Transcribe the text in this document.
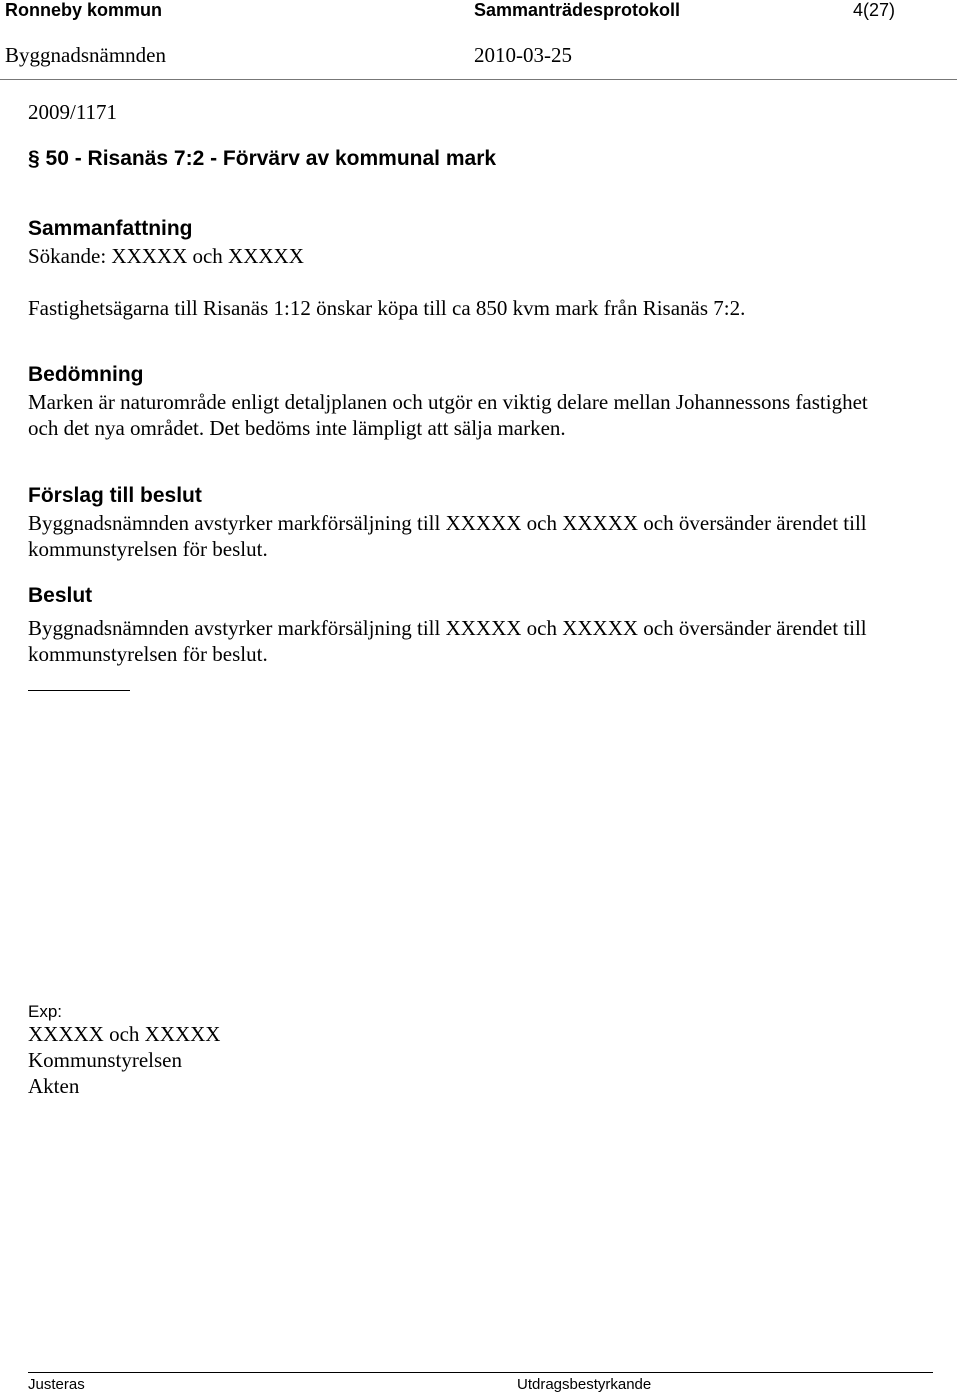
Ronneby kommun	Sammanträdesprotokoll	4(27)
Byggnadsnämnden	2010-03-25
2009/1171
§ 50 - Risanäs 7:2 - Förvärv av kommunal mark
Sammanfattning
Sökande: XXXXX och XXXXX
Fastighetsägarna till Risanäs 1:12 önskar köpa till ca 850 kvm mark från Risanäs 7:2.
Bedömning
Marken är naturområde enligt detaljplanen och utgör en viktig delare mellan Johannessons fastighet
och det nya området. Det bedöms inte lämpligt att sälja marken.
Förslag till beslut
Byggnadsnämnden avstyrker markförsäljning till XXXXX och XXXXX och översänder ärendet till
kommunstyrelsen för beslut.
Beslut
Byggnadsnämnden avstyrker markförsäljning till XXXXX och XXXXX och översänder ärendet till
kommunstyrelsen för beslut.
Exp:
XXXXX och XXXXX
Kommunstyrelsen
Akten
Justeras	Utdragsbestyrkande
